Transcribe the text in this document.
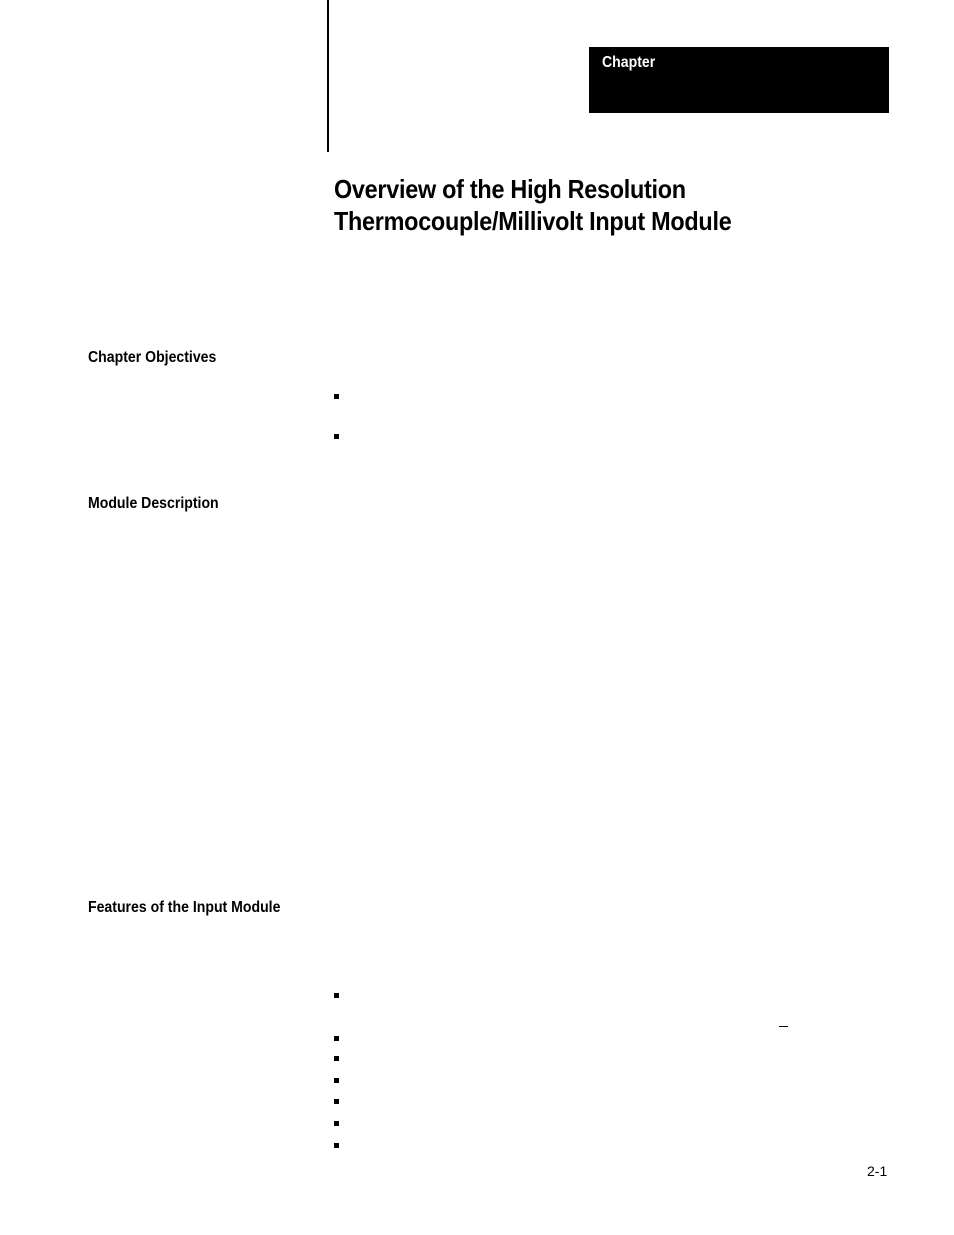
Chapter
Overview of the High Resolution
Thermocouple/Millivolt Input Module
Chapter Objectives
Module Description
Features of the Input Module
2-1
